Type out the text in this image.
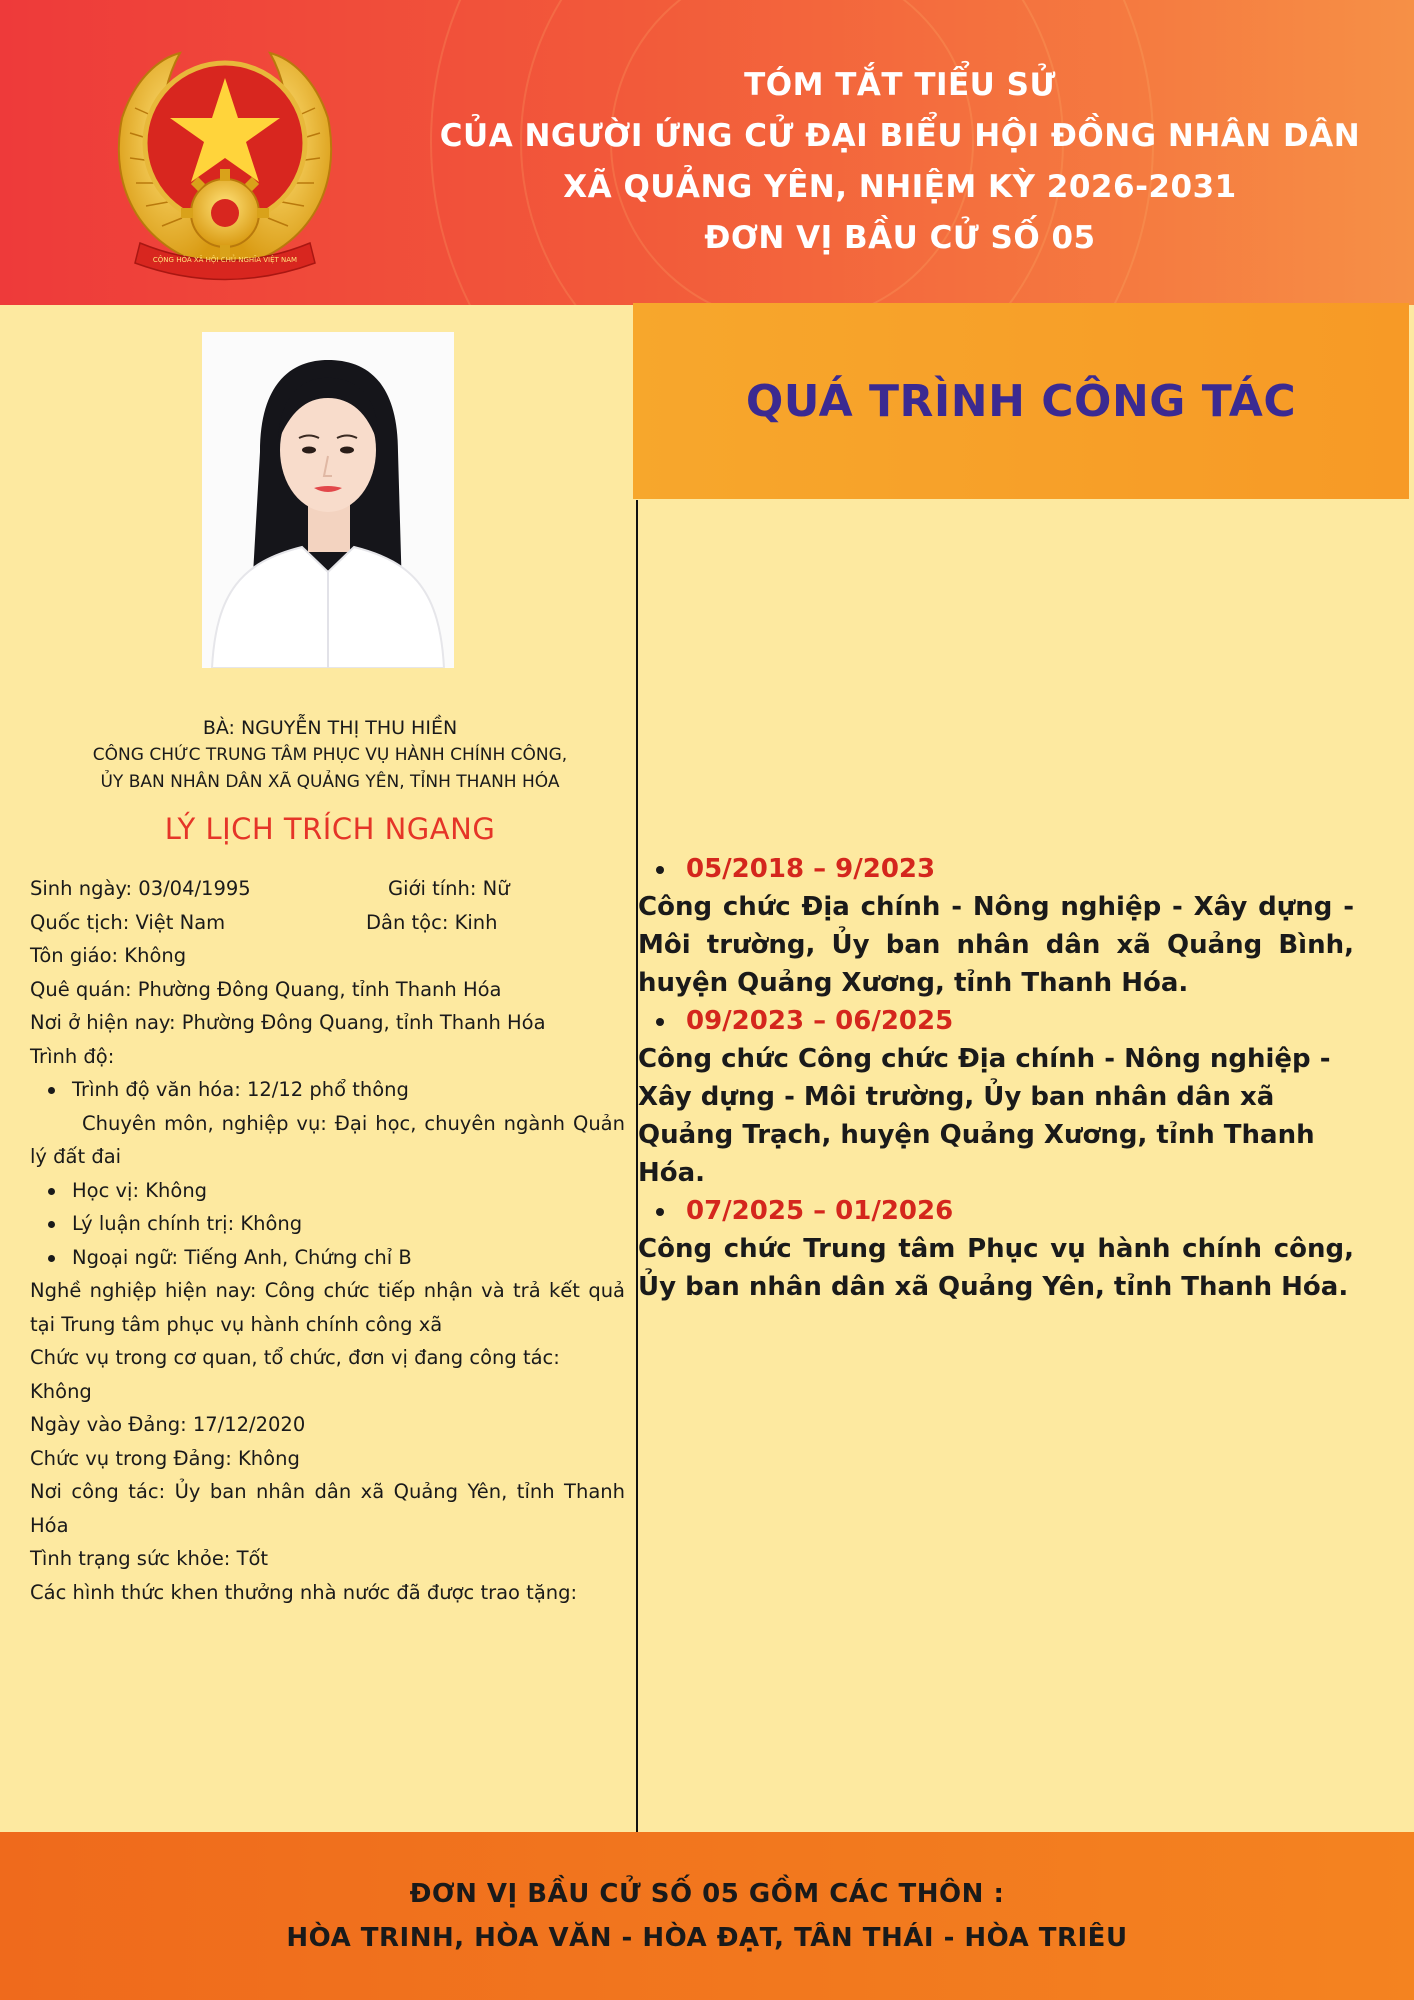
CỘNG HÒA XÃ HỘI CHỦ NGHĨA VIỆT NAM
TÓM TẮT TIỂU SỬ
CỦA NGƯỜI ỨNG CỬ ĐẠI BIỂU HỘI ĐỒNG NHÂN DÂN
XÃ QUẢNG YÊN, NHIỆM KỲ 2026-2031
ĐƠN VỊ BẦU CỬ SỐ 05
BÀ: NGUYỄN THỊ THU HIỀN
CÔNG CHỨC TRUNG TÂM PHỤC VỤ HÀNH CHÍNH CÔNG,
ỦY BAN NHÂN DÂN XÃ QUẢNG YÊN, TỈNH THANH HÓA
LÝ LỊCH TRÍCH NGANG
Sinh ngày: 03/04/1995	Giới tính: Nữ
Quốc tịch: Việt Nam	Dân tộc: Kinh

Tôn giáo: Không

Quê quán: Phường Đông Quang, tỉnh Thanh Hóa

Nơi ở hiện nay: Phường Đông Quang, tỉnh Thanh Hóa

Trình độ:

Trình độ văn hóa: 12/12 phổ thông

Chuyên môn, nghiệp vụ: Đại học, chuyên ngành Quản lý đất đai

Học vị: Không

Lý luận chính trị: Không

Ngoại ngữ: Tiếng Anh, Chứng chỉ B

Nghề nghiệp hiện nay: Công chức tiếp nhận và trả kết quả tại Trung tâm phục vụ hành chính công xã

Chức vụ trong cơ quan, tổ chức, đơn vị đang công tác: Không

Ngày vào Đảng: 17/12/2020

Chức vụ trong Đảng: Không

Nơi công tác: Ủy ban nhân dân xã Quảng Yên, tỉnh Thanh Hóa

Tình trạng sức khỏe: Tốt

Các hình thức khen thưởng nhà nước đã được trao tặng:

QUÁ TRÌNH CÔNG TÁC
05/2018 – 9/2023

Công chức Địa chính - Nông nghiệp - Xây dựng - Môi trường, Ủy ban nhân dân xã Quảng Bình, huyện Quảng Xương, tỉnh Thanh Hóa.

09/2023 – 06/2025

Công chức Công chức Địa chính - Nông nghiệp - Xây dựng - Môi trường, Ủy ban nhân dân xã Quảng Trạch, huyện Quảng Xương, tỉnh Thanh Hóa.

07/2025 – 01/2026

Công chức Trung tâm Phục vụ hành chính công, Ủy ban nhân dân xã Quảng Yên, tỉnh Thanh Hóa.

ĐƠN VỊ BẦU CỬ SỐ 05 GỒM CÁC THÔN :
HÒA TRINH, HÒA VĂN - HÒA ĐẠT, TÂN THÁI - HÒA TRIÊU
